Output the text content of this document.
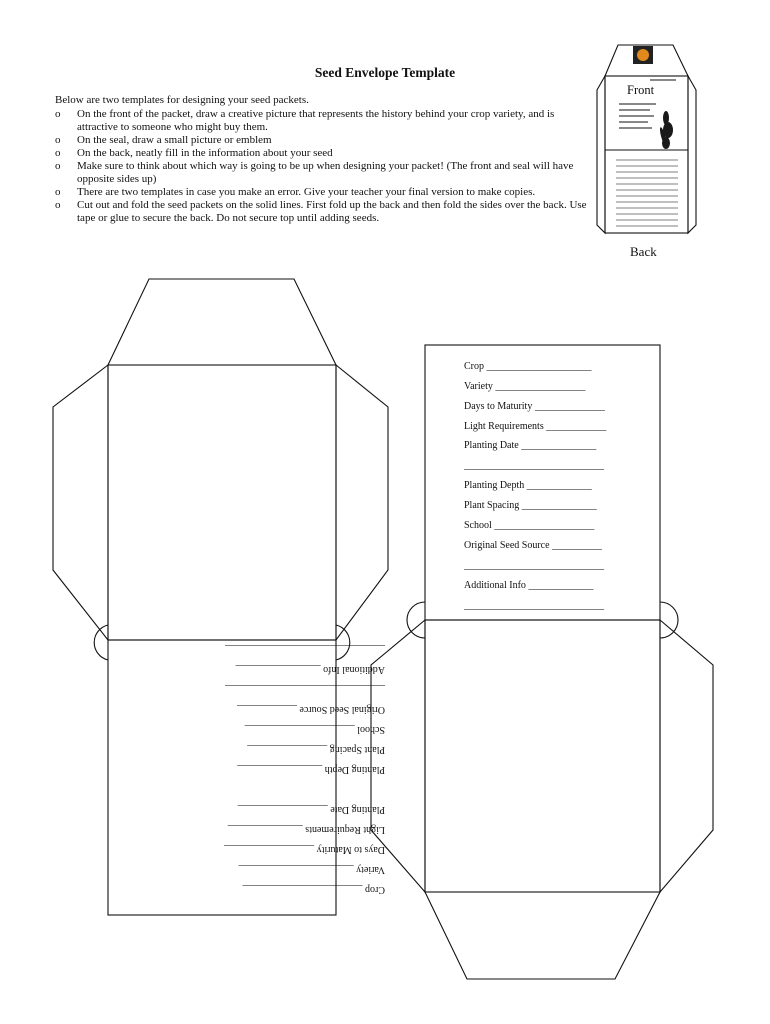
Seed Envelope Template

Below are two templates for designing your seed packets.

o On the front of the packet, draw a creative picture that represents the history behind your crop variety, and is attractive to someone who might buy them.
o On the seal, draw a small picture or emblem
o On the back, neatly fill in the information about your seed
o Make sure to think about which way is going to be up when designing your packet! (The front and seal will have opposite sides up)
o There are two templates in case you make an error. Give your teacher your final version to make copies.
o Cut out and fold the seed packets on the solid lines. First fold up the back and then fold the sides over the back. Use tape or glue to secure the back. Do not secure top until adding seeds.
Front
Back
Crop _____________________
Variety __________________
Days to Maturity ______________
Light Requirements ____________
Planting Date _______________
____________________________
Planting Depth _____________
Plant Spacing _______________
School ____________________
Original Seed Source __________
____________________________
Additional Info _____________
____________________________
Crop ________________________
Variety _______________________
Days to Maturity __________________
Light Requirements _______________
Planting Date __________________
Planting Depth _________________
Plant Spacing ________________
School ______________________
Original Seed Source ____________
________________________________
Additional Info _________________
________________________________
